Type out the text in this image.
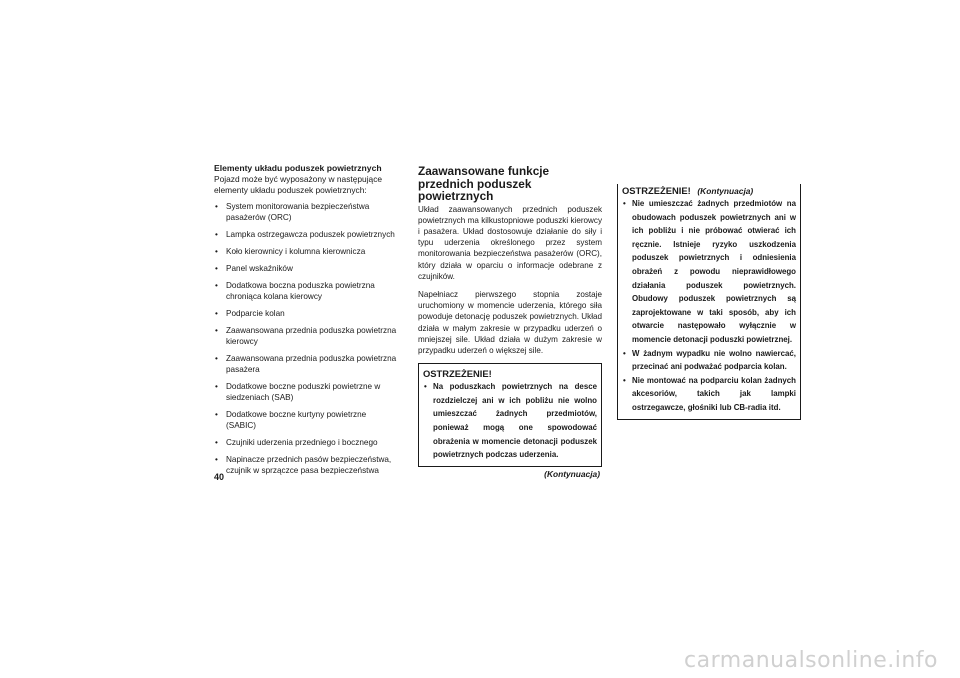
Elementy układu poduszek powietrznych

Pojazd może być wyposażony w następujące elementy układu poduszek powietrznych:

• System monitorowania bezpieczeństwa pasażerów (ORC)
• Lampka ostrzegawcza poduszek powietrznych
• Koło kierownicy i kolumna kierownicza
• Panel wskaźników
• Dodatkowa boczna poduszka powietrzna chroniąca kolana kierowcy
• Podparcie kolan
• Zaawansowana przednia poduszka powietrzna kierowcy
• Zaawansowana przednia poduszka powietrzna pasażera
• Dodatkowe boczne poduszki powietrzne w siedzeniach (SAB)
• Dodatkowe boczne kurtyny powietrzne (SABIC)
• Czujniki uderzenia przedniego i bocznego
• Napinacze przednich pasów bezpieczeństwa, czujnik w sprzączce pasa bezpieczeństwa

Zaawansowane funkcje przednich poduszek powietrznych

Układ zaawansowanych przednich poduszek powietrznych ma kilkustopniowe poduszki kierowcy i pasażera. Układ dostosowuje działanie do siły i typu uderzenia określonego przez system monitorowania bezpieczeństwa pasażerów (ORC), który działa w oparciu o informacje odebrane z czujników.

Napełniacz pierwszego stopnia zostaje uruchomiony w momencie uderzenia, którego siła powoduje detonację poduszek powietrznych. Układ działa w małym zakresie w przypadku uderzeń o mniejszej sile. Układ działa w dużym zakresie w przypadku uderzeń o większej sile.

OSTRZEŻENIE!
• Na poduszkach powietrznych na desce rozdzielczej ani w ich pobliżu nie wolno umieszczać żadnych przedmiotów, ponieważ mogą one spowodować obrażenia w momencie detonacji poduszek powietrznych podczas uderzenia.
(Kontynuacja)
OSTRZEŻENIE! (Kontynuacja)
• Nie umieszczać żadnych przedmiotów na obudowach poduszek powietrznych ani w ich pobliżu i nie próbować otwierać ich ręcznie. Istnieje ryzyko uszkodzenia poduszek powietrznych i odniesienia obrażeń z powodu nieprawidłowego działania poduszek powietrznych. Obudowy poduszek powietrznych są zaprojektowane w taki sposób, aby ich otwarcie następowało wyłącznie w momencie detonacji poduszki powietrznej.
• W żadnym wypadku nie wolno nawiercać, przecinać ani podważać podparcia kolan.
• Nie montować na podparciu kolan żadnych akcesoriów, takich jak lampki ostrzegawcze, głośniki lub CB-radia itd.
40
carmanualsonline.info
